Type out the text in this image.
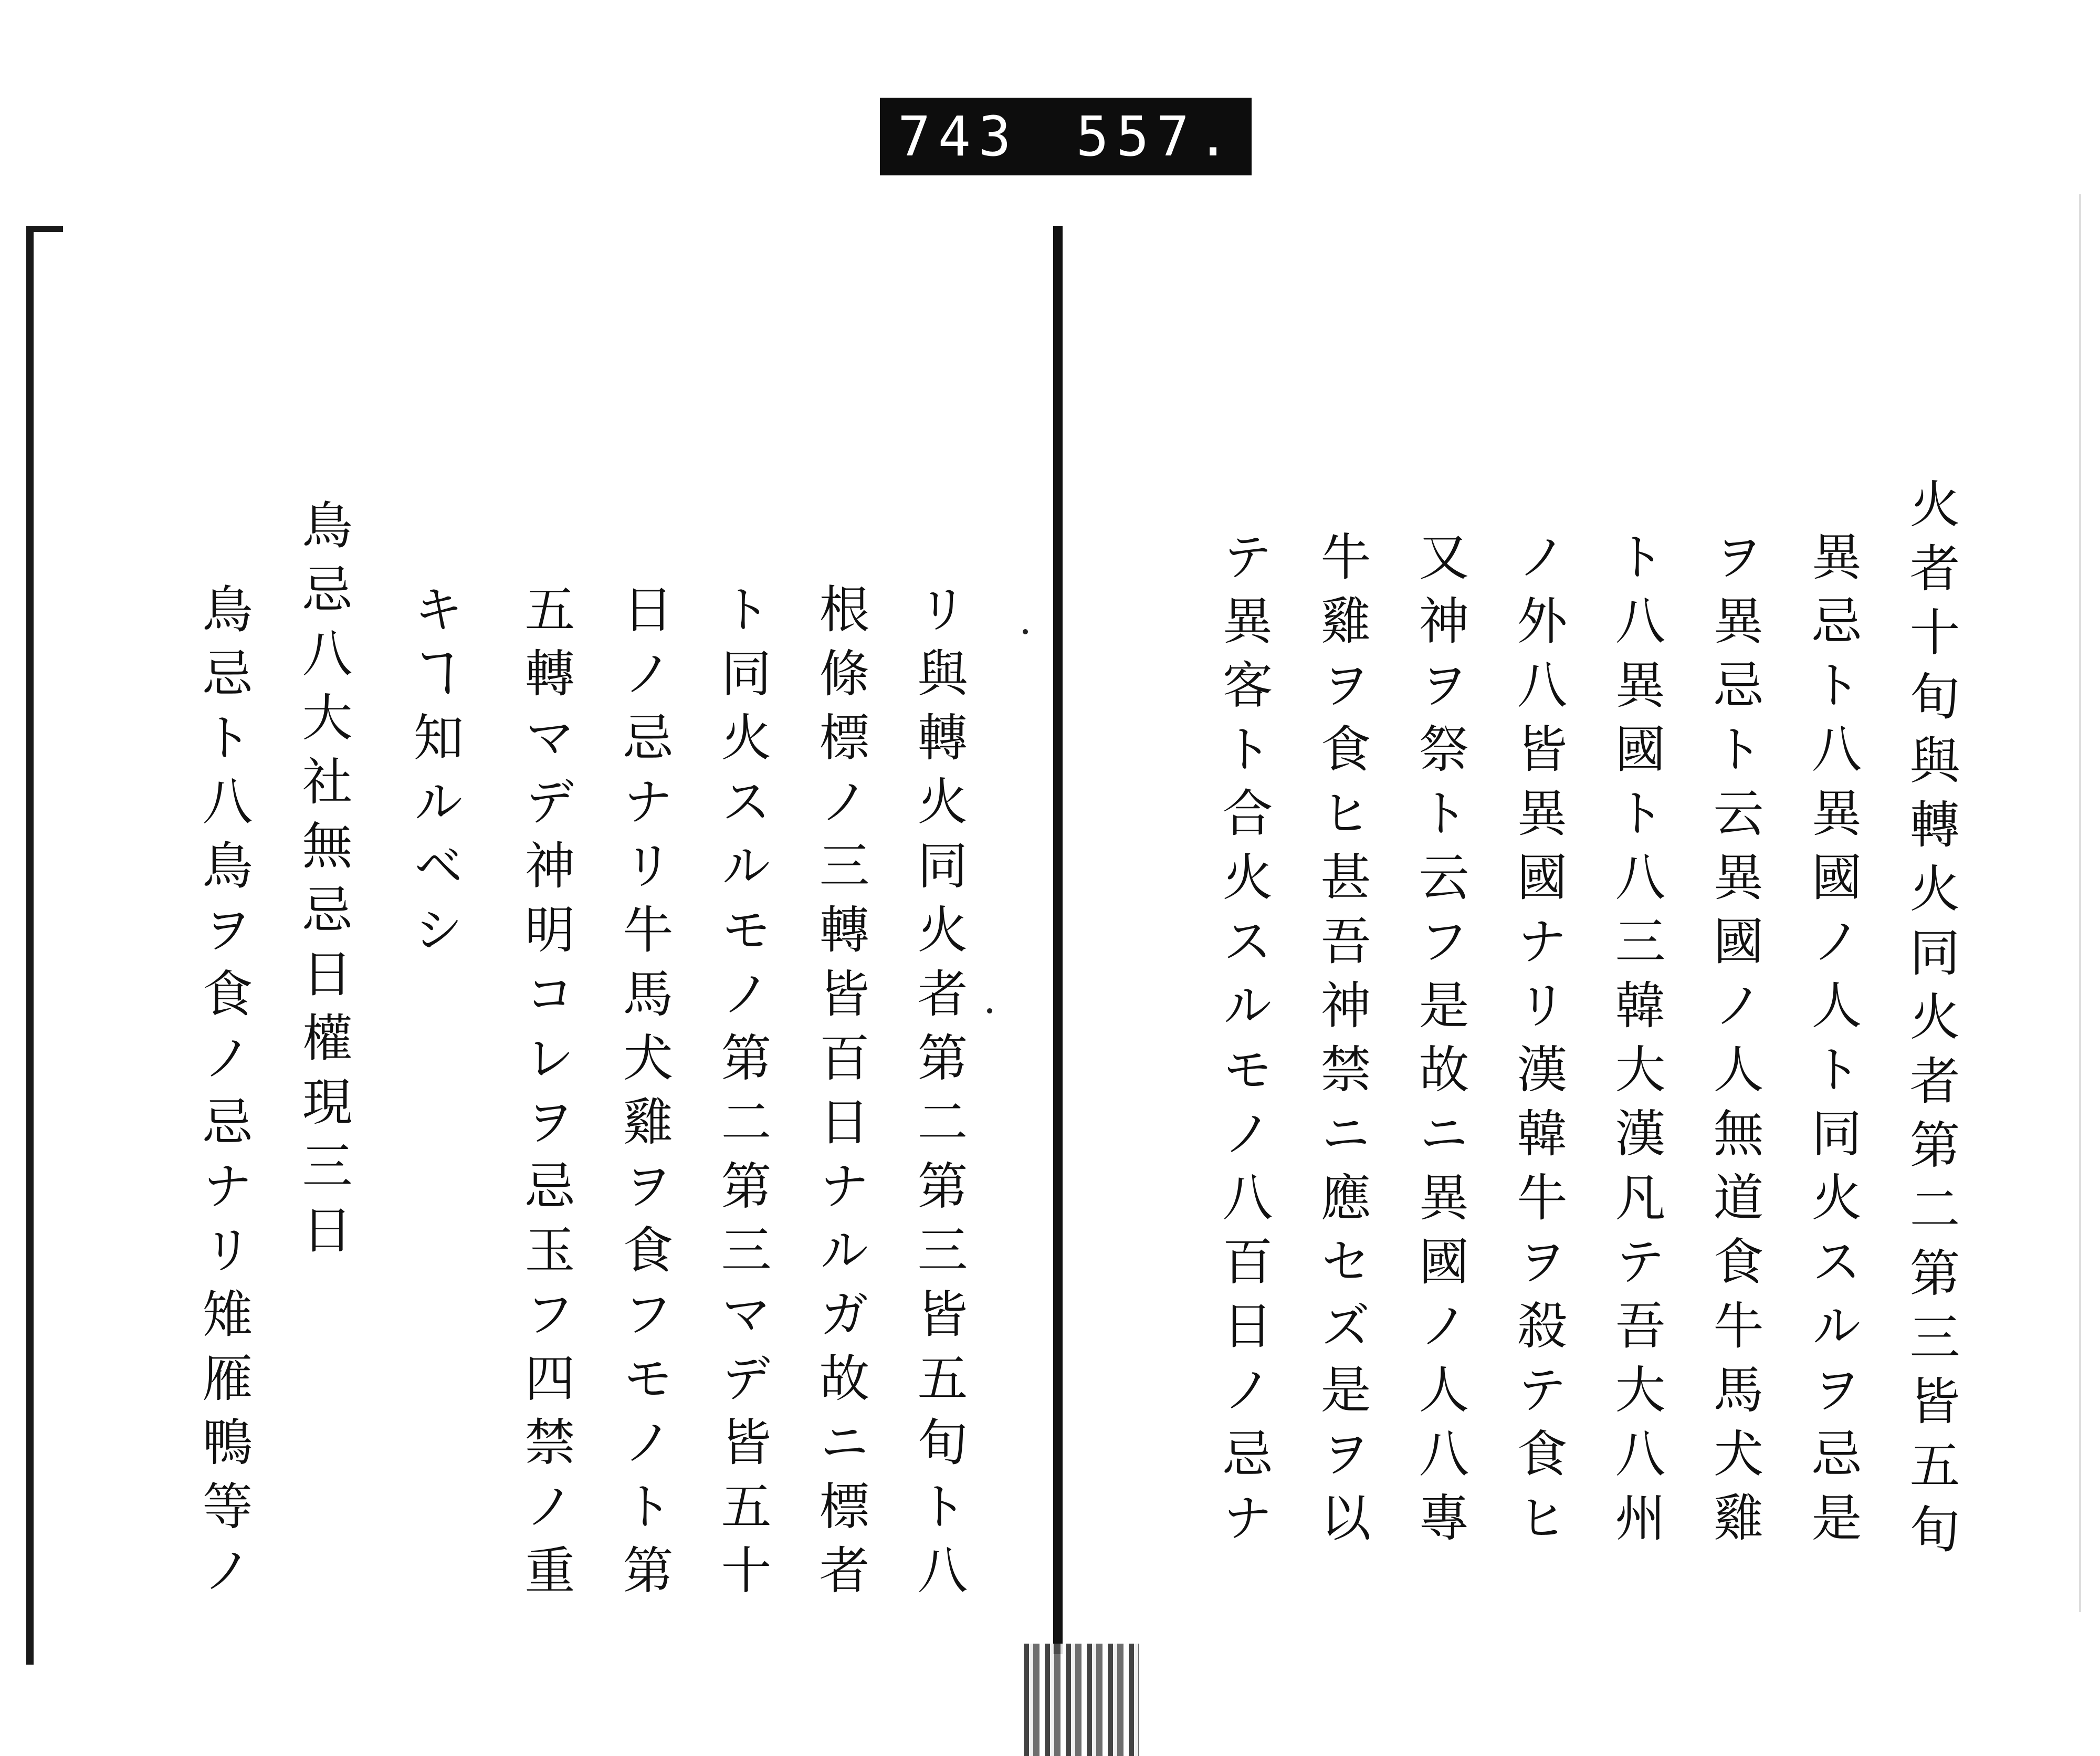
743 557.
火者十旬與轉火同火者第二第三皆五旬
異忌ト八異國ノ人ト同火スルヲ忌是
ヲ異忌ト云異國ノ人無道食牛馬犬雞
ト八異國ト八三韓大漢凡テ吾大八州
ノ外八皆異國ナリ漢韓牛ヲ殺テ食ヒ
又神ヲ祭ト云フ是故ニ異國ノ人八專
牛雞ヲ食ヒ甚吾神禁ニ應セズ是ヲ以
テ異客ト合火スルモノ八百日ノ忌ナ
リ與轉火同火者第二第三皆五旬ト八
根條標ノ三轉皆百日ナルガ故ニ標者
ト同火スルモノ第二第三マデ皆五十
日ノ忌ナリ牛馬犬雞ヲ食フモノト第
五轉マデ神明コレヲ忌玉フ四禁ノ重
キヿ知ルベシ
鳥忌八大社無忌日權現三日
鳥忌ト八鳥ヲ食ノ忌ナリ雉雁鴨等ノ
